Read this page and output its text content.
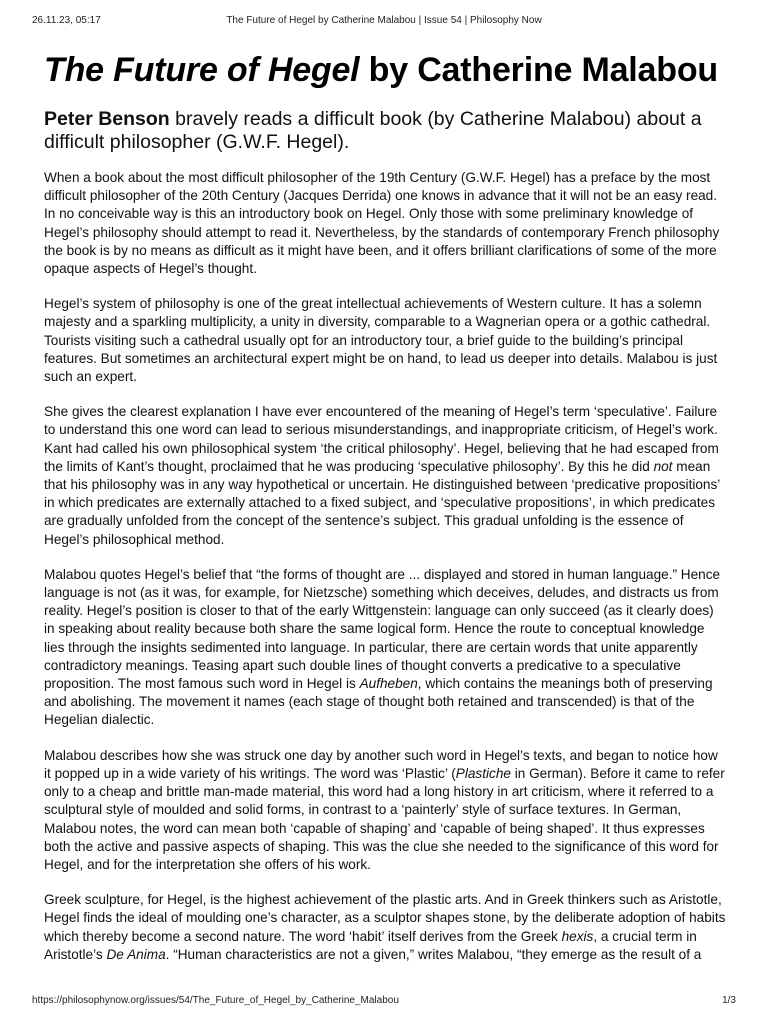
26.11.23, 05:17	The Future of Hegel by Catherine Malabou | Issue 54 | Philosophy Now
The Future of Hegel by Catherine Malabou

Peter Benson bravely reads a difficult book (by Catherine Malabou) about a difficult philosopher (G.W.F. Hegel).

When a book about the most difficult philosopher of the 19th Century (G.W.F. Hegel) has a preface by the most difficult philosopher of the 20th Century (Jacques Derrida) one knows in advance that it will not be an easy read. In no conceivable way is this an introductory book on Hegel. Only those with some preliminary knowledge of Hegel’s philosophy should attempt to read it. Nevertheless, by the standards of contemporary French philosophy the book is by no means as difficult as it might have been, and it offers brilliant clarifications of some of the more opaque aspects of Hegel’s thought.

Hegel’s system of philosophy is one of the great intellectual achievements of Western culture. It has a solemn majesty and a sparkling multiplicity, a unity in diversity, comparable to a Wagnerian opera or a gothic cathedral. Tourists visiting such a cathedral usually opt for an introductory tour, a brief guide to the building’s principal features. But sometimes an architectural expert might be on hand, to lead us deeper into details. Malabou is just such an expert.

She gives the clearest explanation I have ever encountered of the meaning of Hegel’s term ‘speculative’. Failure to understand this one word can lead to serious misunderstandings, and inappropriate criticism, of Hegel’s work. Kant had called his own philosophical system ‘the critical philosophy’. Hegel, believing that he had escaped from the limits of Kant’s thought, proclaimed that he was producing ‘speculative philosophy’. By this he did not mean that his philosophy was in any way hypothetical or uncertain. He distinguished between ‘predicative propositions’ in which predicates are externally attached to a fixed subject, and ‘speculative propositions’, in which predicates are gradually unfolded from the concept of the sentence’s subject. This gradual unfolding is the essence of Hegel’s philosophical method.

Malabou quotes Hegel’s belief that “the forms of thought are ... displayed and stored in human language.” Hence language is not (as it was, for example, for Nietzsche) something which deceives, deludes, and distracts us from reality. Hegel’s position is closer to that of the early Wittgenstein: language can only succeed (as it clearly does) in speaking about reality because both share the same logical form. Hence the route to conceptual knowledge lies through the insights sedimented into language. In particular, there are certain words that unite apparently contradictory meanings. Teasing apart such double lines of thought converts a predicative to a speculative proposition. The most famous such word in Hegel is Aufheben, which contains the meanings both of preserving and abolishing. The movement it names (each stage of thought both retained and transcended) is that of the Hegelian dialectic.

Malabou describes how she was struck one day by another such word in Hegel’s texts, and began to notice how it popped up in a wide variety of his writings. The word was ‘Plastic’ (Plastiche in German). Before it came to refer only to a cheap and brittle man-made material, this word had a long history in art criticism, where it referred to a sculptural style of moulded and solid forms, in contrast to a ‘painterly’ style of surface textures. In German, Malabou notes, the word can mean both ‘capable of shaping’ and ‘capable of being shaped’. It thus expresses both the active and passive aspects of shaping. This was the clue she needed to the significance of this word for Hegel, and for the interpretation she offers of his work.

Greek sculpture, for Hegel, is the highest achievement of the plastic arts. And in Greek thinkers such as Aristotle, Hegel finds the ideal of moulding one’s character, as a sculptor shapes stone, by the deliberate adoption of habits which thereby become a second nature. The word ‘habit’ itself derives from the Greek hexis, a crucial term in Aristotle’s De Anima. “Human characteristics are not a given,” writes Malabou, “they emerge as the result of a

https://philosophynow.org/issues/54/The_Future_of_Hegel_by_Catherine_Malabou	1/3
